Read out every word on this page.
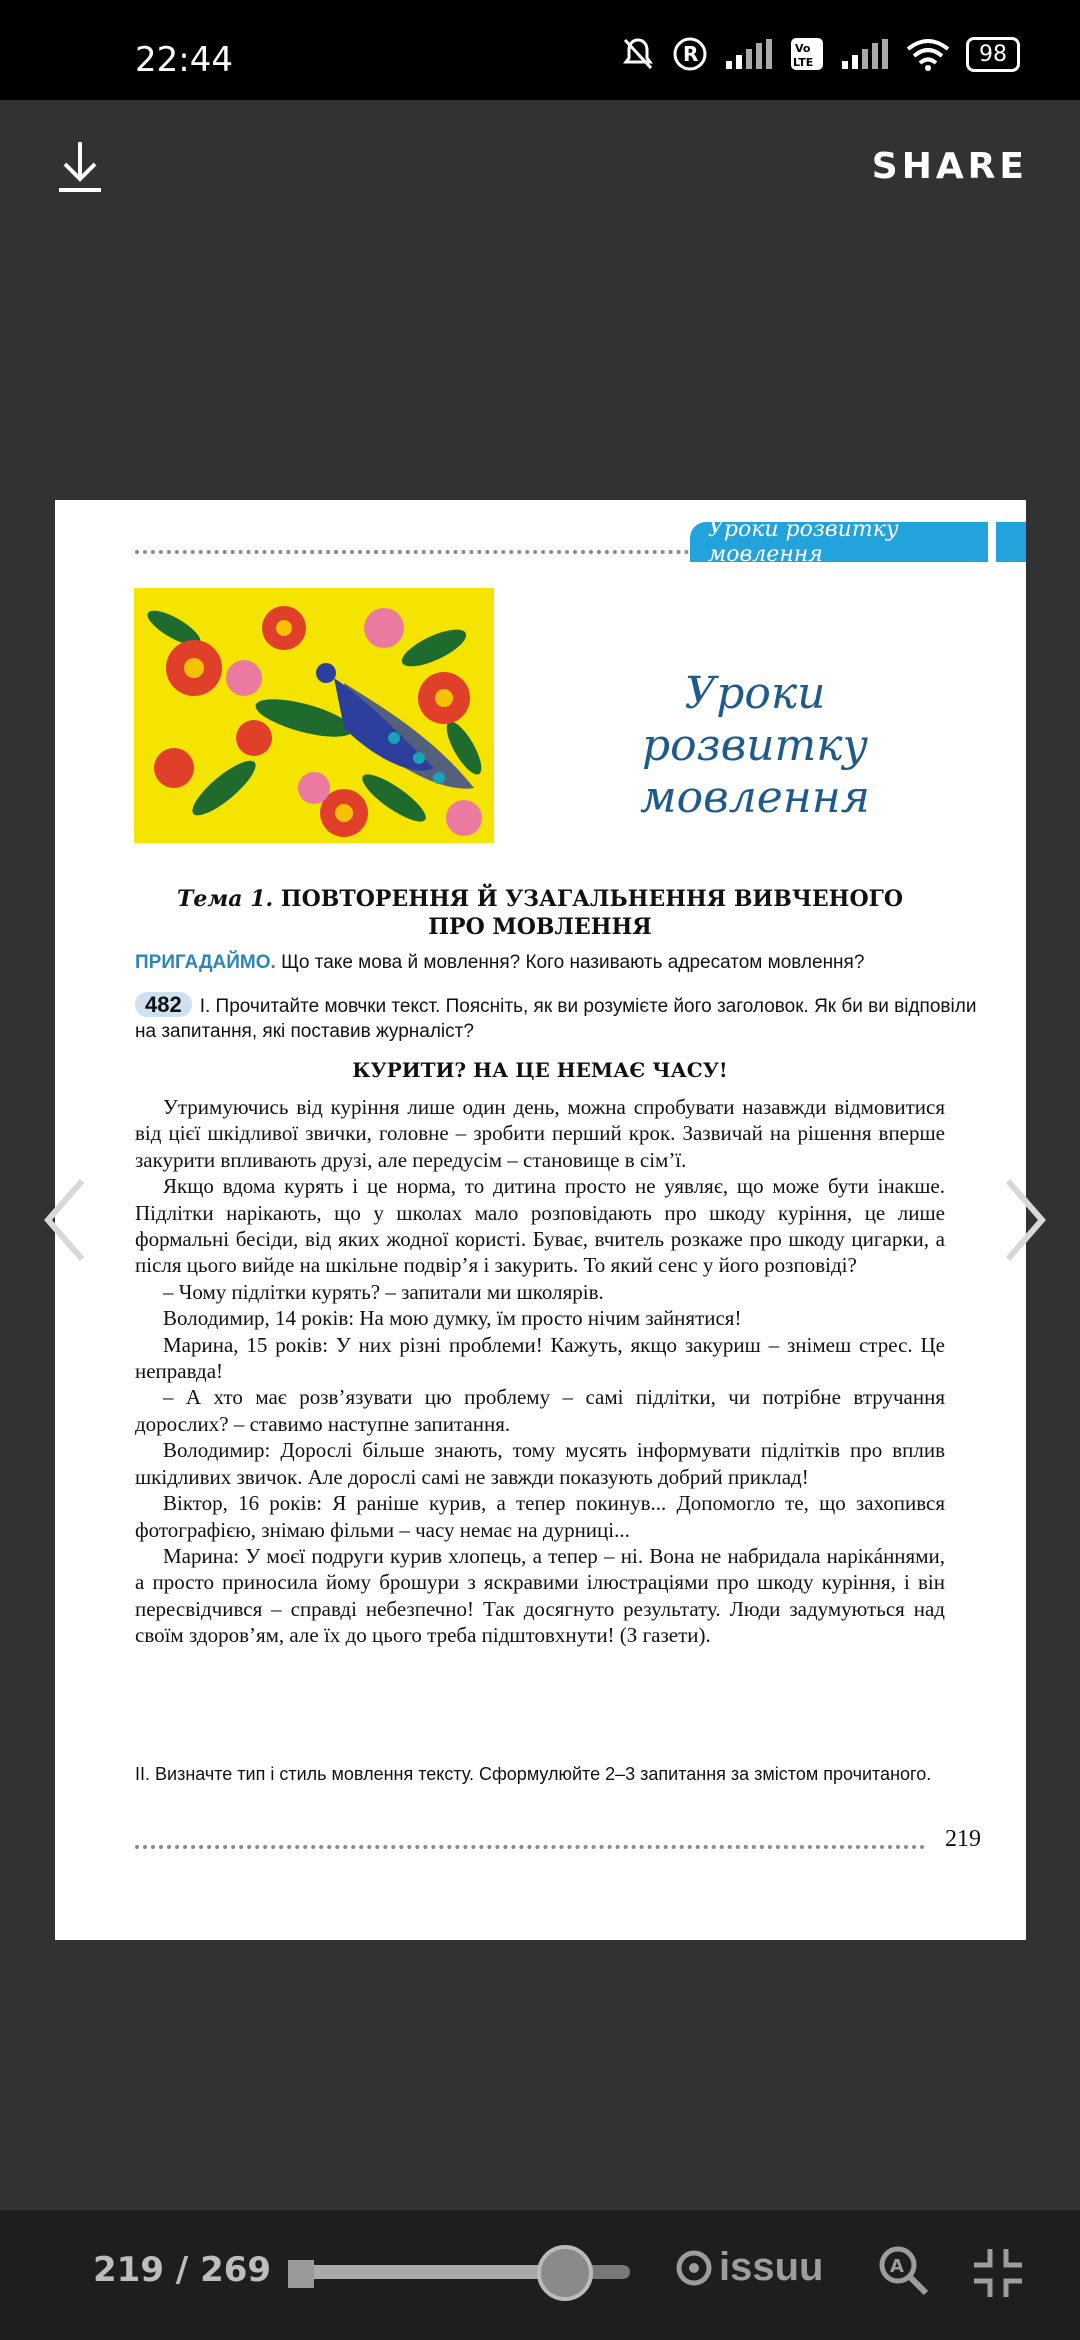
22:44	R	Vo
LTE	98
SHARE
Уроки розвитку мовлення
Уроки
розвитку мовлення
Тема 1. ПОВТОРЕННЯ Й УЗАГАЛЬНЕННЯ ВИВЧЕНОГО
ПРО МОВЛЕННЯ
ПРИГАДАЙМО. Що таке мова й мовлення? Кого називають адресатом мовлення?
482 І. Прочитайте мовчки текст. Поясніть, як ви розумієте його заголовок. Як би ви відповіли на запитання, які поставив журналіст?
КУРИТИ? НА ЦЕ НЕМАЄ ЧАСУ!

Утримуючись від куріння лише один день, можна спробувати назавжди відмовитися від цієї шкідливої звички, головне – зробити перший крок. Зазвичай на рішення вперше закурити впливають друзі, але передусім – становище в сім’ї.

Якщо вдома курять і це норма, то дитина просто не уявляє, що може бути інакше. Підлітки нарікають, що у школах мало розповідають про шкоду куріння, це лише формальні бесіди, від яких жодної користі. Буває, вчитель розкаже про шкоду цигарки, а після цього вийде на шкільне подвір’я і закурить. То який сенс у його розповіді?

– Чому підлітки курять? – запитали ми школярів.

Володимир, 14 років: На мою думку, їм просто нічим зайнятися!

Марина, 15 років: У них різні проблеми! Кажуть, якщо закуриш – знімеш стрес. Це неправда!

– А хто має розв’язувати цю проблему – самі підлітки, чи потрібне втручання дорослих? – ставимо наступне запитання.

Володимир: Дорослі більше знають, тому мусять інформувати підлітків про вплив шкідливих звичок. Але дорослі самі не завжди показують добрий приклад!

Віктор, 16 років: Я раніше курив, а тепер покинув... Допомогло те, що захопився фотографією, знімаю фільми – часу немає на дурниці...

Марина: У моєї подруги курив хлопець, а тепер – ні. Вона не набридала нарікáннями, а просто приносила йому брошури з яскравими ілюстраціями про шкоду куріння, і він пересвідчився – справді небезпечно! Так досягнуто результату. Люди задумуються над своїм здоров’ям, але їх до цього треба підштовхнути! (З газети).

ІІ. Визначте тип і стиль мовлення тексту. Сформулюйте 2–3 запитання за змістом прочитаного.
219
219 / 269	issuu	A
